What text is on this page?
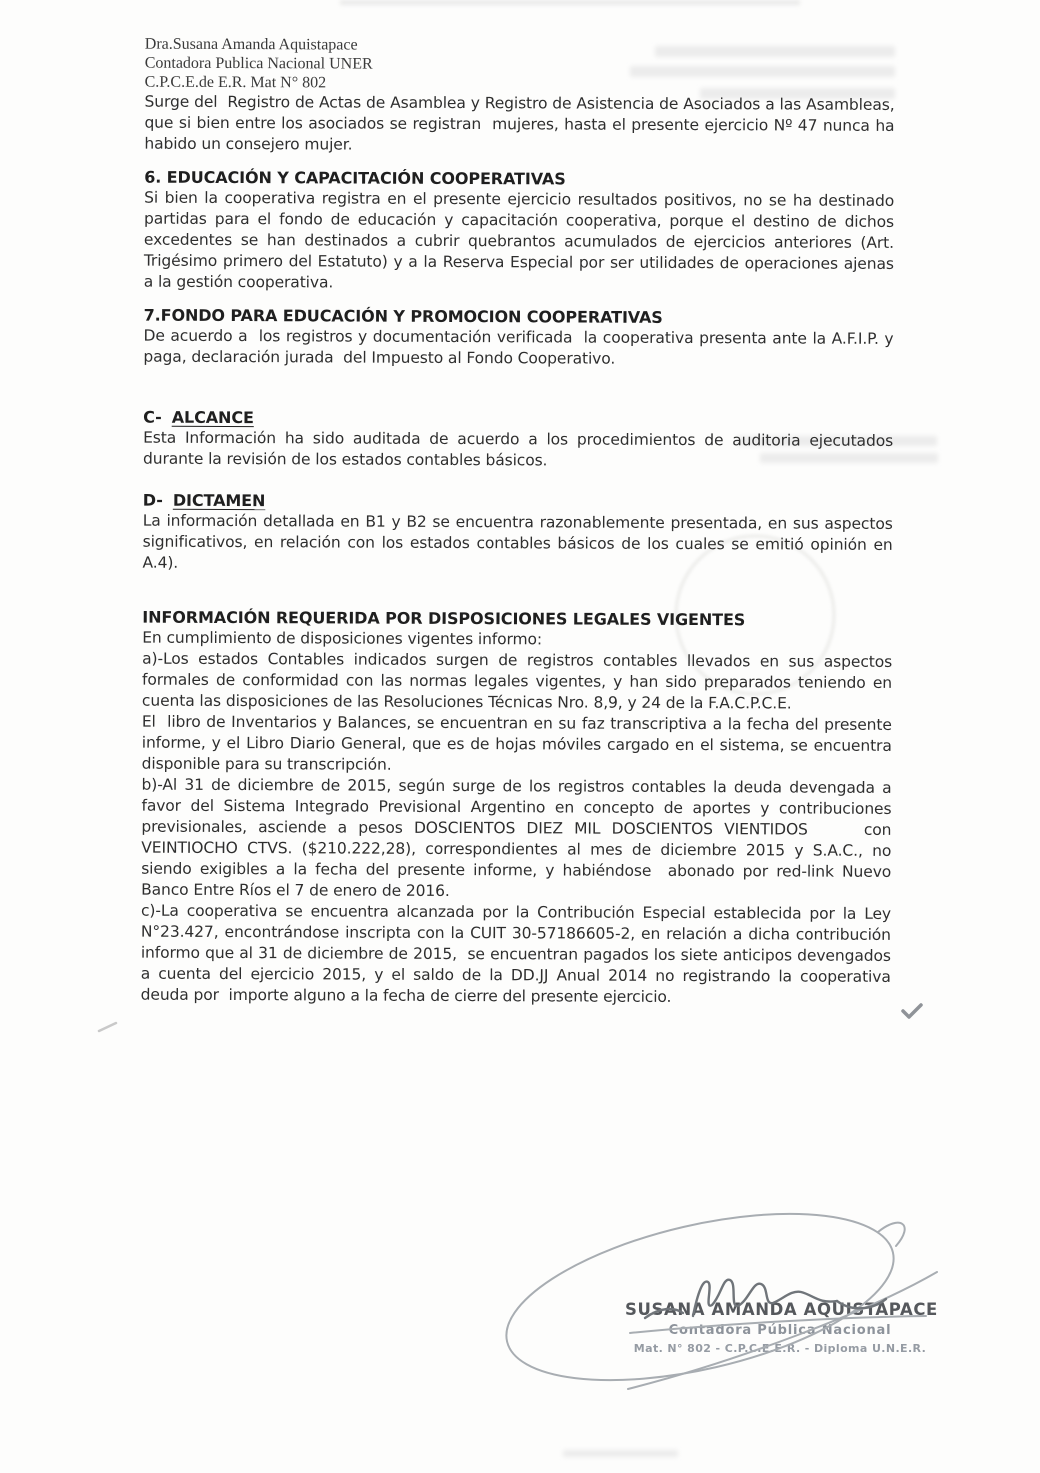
Dra.Susana Amanda Aquistapace
Contadora Publica Nacional UNER
C.P.C.E.de E.R. Mat N° 802

Surge del  Registro de Actas de Asamblea y Registro de Asistencia de Asociados a las Asambleas, que si bien entre los asociados se registran  mujeres, hasta el presente ejercicio Nº 47 nunca ha habido un consejero mujer.

6. EDUCACIÓN Y CAPACITACIÓN COOPERATIVAS

Si bien la cooperativa registra en el presente ejercicio resultados positivos, no se ha destinado partidas para el fondo de educación y capacitación cooperativa, porque el destino de dichos excedentes se han destinados a cubrir quebrantos acumulados de ejercicios anteriores (Art. Trigésimo primero del Estatuto) y a la Reserva Especial por ser utilidades de operaciones ajenas a la gestión cooperativa.

7.FONDO PARA EDUCACIÓN Y PROMOCION COOPERATIVAS

De acuerdo a  los registros y documentación verificada  la cooperativa presenta ante la A.F.I.P. y paga, declaración jurada  del Impuesto al Fondo Cooperativo.

C- ALCANCE

Esta Información ha sido auditada de acuerdo a los procedimientos de auditoria ejecutados durante la revisión de los estados contables básicos.

D- DICTAMEN

La información detallada en B1 y B2 se encuentra razonablemente presentada, en sus aspectos significativos, en relación con los estados contables básicos de los cuales se emitió opinión en A.4).

INFORMACIÓN REQUERIDA POR DISPOSICIONES LEGALES VIGENTES

En cumplimiento de disposiciones vigentes informo:

a)-Los estados Contables indicados surgen de registros contables llevados en sus aspectos formales de conformidad con las normas legales vigentes, y han sido preparados teniendo en cuenta las disposiciones de las Resoluciones Técnicas Nro. 8,9, y 24 de la F.A.C.P.C.E.

El  libro de Inventarios y Balances, se encuentran en su faz transcriptiva a la fecha del presente informe, y el Libro Diario General, que es de hojas móviles cargado en el sistema, se encuentra disponible para su transcripción.

b)-Al 31 de diciembre de 2015, según surge de los registros contables la deuda devengada a favor del Sistema Integrado Previsional Argentino en concepto de aportes y contribuciones previsionales, asciende a pesos DOSCIENTOS DIEZ MIL DOSCIENTOS VIENTIDOS     con VEINTIOCHO CTVS. ($210.222,28), correspondientes al mes de diciembre 2015 y S.A.C., no siendo exigibles a la fecha del presente informe, y habiéndose  abonado por red-link Nuevo Banco Entre Ríos el 7 de enero de 2016.

c)-La cooperativa se encuentra alcanzada por la Contribución Especial establecida por la Ley N°23.427, encontrándose inscripta con la CUIT 30-57186605-2, en relación a dicha contribución informo que al 31 de diciembre de 2015,  se encuentran pagados los siete anticipos devengados  a cuenta del ejercicio 2015, y el saldo de la DD.JJ Anual 2014 no registrando la cooperativa deuda por  importe alguno a la fecha de cierre del presente ejercicio.

SUSANA AMANDA AQUISTAPACE
Contadora Pública Nacional
Mat. N° 802 - C.P.C.E.E.R. - Diploma U.N.E.R.
